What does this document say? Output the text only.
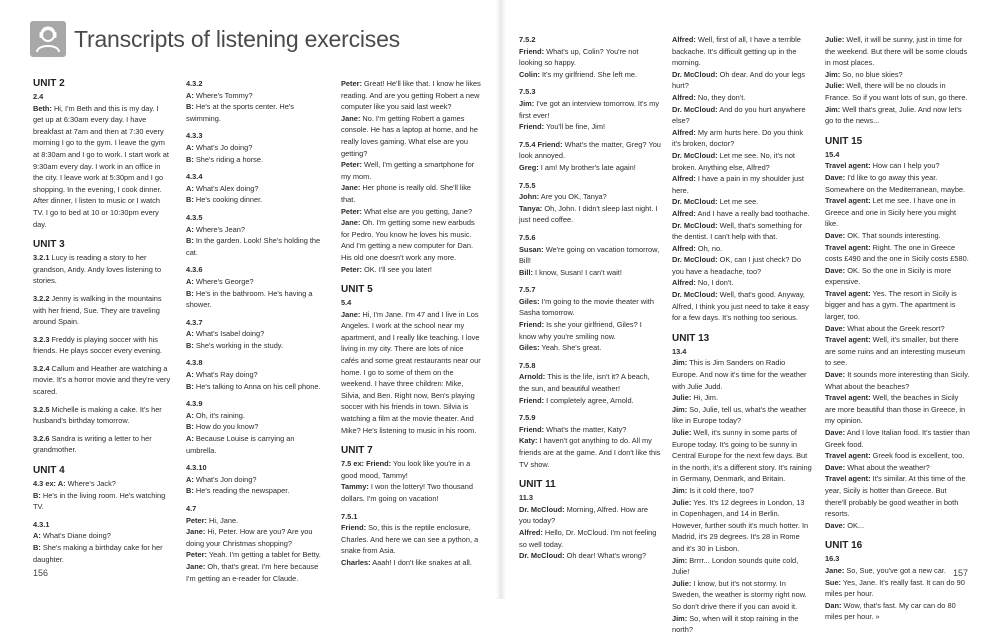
Transcripts of listening exercises
UNIT 2
2.4
Beth: Hi, I'm Beth and this is my day. I get up at 6:30am every day. I have breakfast at 7am and then at 7:30 every morning I go to the gym. I leave the gym at 8:30am and I go to work. I start work at 9:30am every day. I work in an office in the city. I leave work at 5:30pm and I go shopping. In the evening, I cook dinner. After dinner, I listen to music or I watch TV. I go to bed at 10 or 10:30pm every day.
UNIT 3
3.2.1 Lucy is reading a story to her grandson, Andy. Andy loves listening to stories.
3.2.2 Jenny is walking in the mountains with her friend, Sue. They are traveling around Spain.
3.2.3 Freddy is playing soccer with his friends. He plays soccer every evening.
3.2.4 Callum and Heather are watching a movie. It's a horror movie and they're very scared.
3.2.5 Michelle is making a cake. It's her husband's birthday tomorrow.
3.2.6 Sandra is writing a letter to her grandmother.
UNIT 4
4.3 ex: A: Where's Jack?
B: He's in the living room. He's watching TV.
4.3.1
A: What's Diane doing?
B: She's making a birthday cake for her daughter.
4.3.2
A: Where's Tommy?
B: He's at the sports center. He's swimming.
4.3.3
A: What's Jo doing?
B: She's riding a horse.
4.3.4
A: What's Alex doing?
B: He's cooking dinner.
4.3.5
A: Where's Jean?
B: In the garden. Look! She's holding the cat.
4.3.6
A: Where's George?
B: He's in the bathroom. He's having a shower.
4.3.7
A: What's Isabel doing?
B: She's working in the study.
4.3.8
A: What's Ray doing?
B: He's talking to Anna on his cell phone.
4.3.9
A: Oh, it's raining.
B: How do you know?
A: Because Louise is carrying an umbrella.
4.3.10
A: What's Jon doing?
B: He's reading the newspaper.
4.7
Peter: Hi, Jane.
Jane: Hi, Peter. How are you? Are you doing your Christmas shopping?
Peter: Yeah. I'm getting a tablet for Betty.
Jane: Oh, that's great. I'm here because I'm getting an e-reader for Claude.
Peter: Great! He'll like that. I know he likes reading. And are you getting Robert a new computer like you said last week?
Jane: No. I'm getting Robert a games console. He has a laptop at home, and he really loves gaming. What else are you getting?
Peter: Well, I'm getting a smartphone for my mom.
Jane: Her phone is really old. She'll like that.
Peter: What else are you getting, Jane?
Jane: Oh. I'm getting some new earbuds for Pedro. You know he loves his music. And I'm getting a new computer for Dan. His old one doesn't work any more.
Peter: OK. I'll see you later!
UNIT 5
5.4
Jane: Hi, I'm Jane. I'm 47 and I live in Los Angeles. I work at the school near my apartment, and I really like teaching. I love living in my city. There are lots of nice cafés and some great restaurants near our home. I go to some of them on the weekend. I have three children: Mike, Silvia, and Ben. Right now, Ben's playing soccer with his friends in town. Silvia is watching a film at the movie theater. And Mike? He's listening to music in his room.
UNIT 7
7.5 ex: Friend: You look like you're in a good mood, Tammy!
Tammy: I won the lottery! Two thousand dollars. I'm going on vacation!
7.5.1
Friend: So, this is the reptile enclosure, Charles. And here we can see a python, a snake from Asia.
Charles: Aaah! I don't like snakes at all.
7.5.2
Friend: What's up, Colin? You're not looking so happy.
Colin: It's my girlfriend. She left me.
7.5.3
Jim: I've got an interview tomorrow. It's my first ever!
Friend: You'll be fine, Jim!
7.5.4 Friend: What's the matter, Greg? You look annoyed.
Greg: I am! My brother's late again!
7.5.5
John: Are you OK, Tanya?
Tanya: Oh, John. I didn't sleep last night. I just need coffee.
7.5.6
Susan: We're going on vacation tomorrow, Bill!
Bill: I know, Susan! I can't wait!
7.5.7
Giles: I'm going to the movie theater with Sasha tomorrow.
Friend: Is she your girlfriend, Giles? I know why you're smiling now.
Giles: Yeah. She's great.
7.5.8
Arnold: This is the life, isn't it? A beach, the sun, and beautiful weather!
Friend: I completely agree, Arnold.
7.5.9
Friend: What's the matter, Katy?
Katy: I haven't got anything to do. All my friends are at the game. And I don't like this TV show.
UNIT 11
11.3
Dr. McCloud: Morning, Alfred. How are you today?
Alfred: Hello, Dr. McCloud. I'm not feeling so well today.
Dr. McCloud: Oh dear! What's wrong?
Alfred: Well, first of all, I have a terrible backache. It's difficult getting up in the morning.
Dr. McCloud: Oh dear. And do your legs hurt?
Alfred: No, they don't.
Dr. McCloud: And do you hurt anywhere else?
Alfred: My arm hurts here. Do you think it's broken, doctor?
Dr. McCloud: Let me see. No, it's not broken. Anything else, Alfred?
Alfred: I have a pain in my shoulder just here.
Dr. McCloud: Let me see.
Alfred: And I have a really bad toothache.
Dr. McCloud: Well, that's something for the dentist. I can't help with that.
Alfred: Oh, no.
Dr. McCloud: OK, can I just check? Do you have a headache, too?
Alfred: No, I don't.
Dr. McCloud: Well, that's good. Anyway, Alfred, I think you just need to take it easy for a few days. It's nothing too serious.
UNIT 13
13.4
Jim: This is Jim Sanders on Radio Europe. And now it's time for the weather with Julie Judd.
Julie: Hi, Jim.
Jim: So, Julie, tell us, what's the weather like in Europe today?
Julie: Well, it's sunny in some parts of Europe today. It's going to be sunny in Central Europe for the next few days. But in the north, it's a different story. It's raining in Germany, Denmark, and Britain.
Jim: Is it cold there, too?
Julie: Yes. It's 12 degrees in London, 13 in Copenhagen, and 14 in Berlin. However, further south it's much hotter. In Madrid, it's 29 degrees. It's 28 in Rome and it's 30 in Lisbon.
Jim: Brrrr... London sounds quite cold, Julie!
Julie: I know, but it's not stormy. In Sweden, the weather is stormy right now. So don't drive there if you can avoid it.
Jim: So, when will it stop raining in the north?
Julie: Well, it will be sunny, just in time for the weekend. But there will be some clouds in most places.
Jim: So, no blue skies?
Julie: Well, there will be no clouds in France. So if you want lots of sun, go there.
Jim: Well that's great, Julie. And now let's go to the news...
UNIT 15
15.4
Travel agent: How can I help you?
Dave: I'd like to go away this year. Somewhere on the Mediterranean, maybe.
Travel agent: Let me see. I have one in Greece and one in Sicily here you might like.
Dave: OK. That sounds interesting.
Travel agent: Right. The one in Greece costs £490 and the one in Sicily costs £580.
Dave: OK. So the one in Sicily is more expensive.
Travel agent: Yes. The resort in Sicily is bigger and has a gym. The apartment is larger, too.
Dave: What about the Greek resort?
Travel agent: Well, it's smaller, but there are some ruins and an interesting museum to see.
Dave: It sounds more interesting than Sicily. What about the beaches?
Travel agent: Well, the beaches in Sicily are more beautiful than those in Greece, in my opinion.
Dave: And I love Italian food. It's tastier than Greek food.
Travel agent: Greek food is excellent, too.
Dave: What about the weather?
Travel agent: It's similar. At this time of the year, Sicily is hotter than Greece. But there'll probably be good weather in both resorts.
Dave: OK...
UNIT 16
16.3
Jane: So, Sue, you've got a new car.
Sue: Yes, Jane. It's really fast. It can do 90 miles per hour.
Dan: Wow, that's fast. My car can do 80 miles per hour. »
156	157
